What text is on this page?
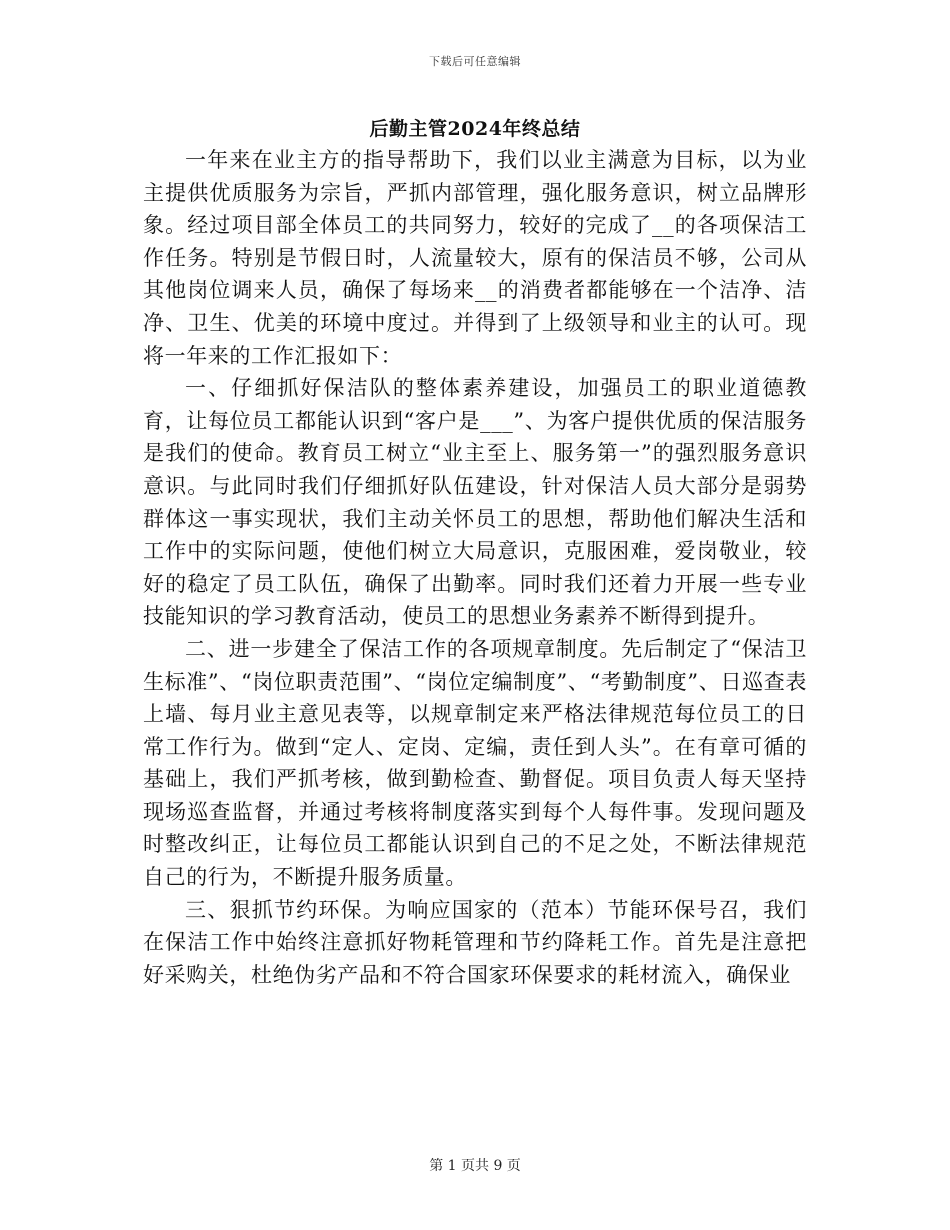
下载后可任意编辑
后勤主管2024年终总结

一年来在业主方的指导帮助下，我们以业主满意为目标，以为业主提供优质服务为宗旨，严抓内部管理，强化服务意识，树立品牌形象。经过项目部全体员工的共同努力，较好的完成了__的各项保洁工作任务。特别是节假日时，人流量较大，原有的保洁员不够，公司从其他岗位调来人员，确保了每场来__的消费者都能够在一个洁净、洁净、卫生、优美的环境中度过。并得到了上级领导和业主的认可。现将一年来的工作汇报如下：

一、仔细抓好保洁队的整体素养建设，加强员工的职业道德教育，让每位员工都能认识到“客户是___”、为客户提供优质的保洁服务是我们的使命。教育员工树立“业主至上、服务第一”的强烈服务意识意识。与此同时我们仔细抓好队伍建设，针对保洁人员大部分是弱势群体这一事实现状，我们主动关怀员工的思想，帮助他们解决生活和工作中的实际问题，使他们树立大局意识，克服困难，爱岗敬业，较好的稳定了员工队伍，确保了出勤率。同时我们还着力开展一些专业技能知识的学习教育活动，使员工的思想业务素养不断得到提升。

二、进一步建全了保洁工作的各项规章制度。先后制定了“保洁卫生标准”、“岗位职责范围”、“岗位定编制度”、“考勤制度”、日巡查表上墙、每月业主意见表等，以规章制定来严格法律规范每位员工的日常工作行为。做到“定人、定岗、定编，责任到人头”。在有章可循的基础上，我们严抓考核，做到勤检查、勤督促。项目负责人每天坚持现场巡查监督，并通过考核将制度落实到每个人每件事。发现问题及时整改纠正，让每位员工都能认识到自己的不足之处，不断法律规范自己的行为，不断提升服务质量。

三、狠抓节约环保。为响应国家的（范本）节能环保号召，我们在保洁工作中始终注意抓好物耗管理和节约降耗工作。首先是注意把好采购关，杜绝伪劣产品和不符合国家环保要求的耗材流入，确保业

第 1 页共 9 页
